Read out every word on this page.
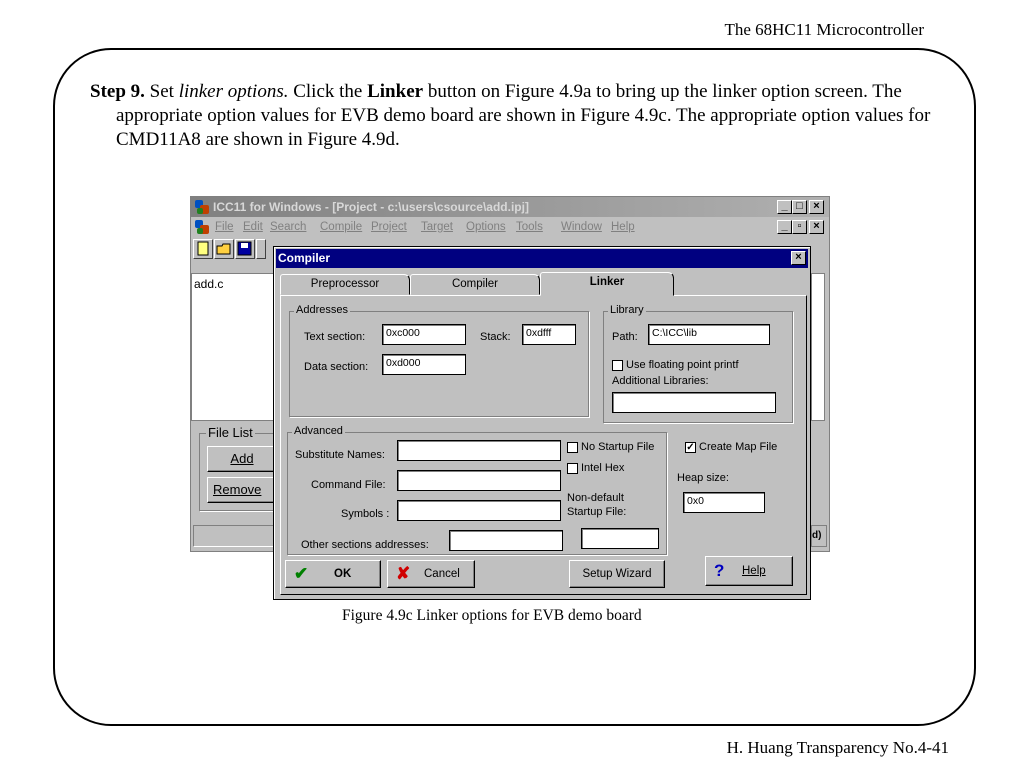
The 68HC11 Microcontroller

Step 9. Set linker options. Click the Linker button on Figure 4.9a to bring up the linker option screen. The appropriate option values for EVB demo board are shown in Figure 4.9c. The appropriate option values for CMD11A8 are shown in Figure 4.9d.

ICC11 for Windows - [Project - c:\users\csource\add.ipj]	_ □ ×
File Edit Search Compile Project Target Options Tools Window Help	_ ▫	×
add.c
File List
Add
Remove
d)
Compiler	×
Preprocessor	Compiler	Linker
Addresses
Text section:	0xc000	Stack:	0xdfff
Data section:	0xd000
Library
Path:	C:\ICC\lib
Use floating point printf
Additional Libraries:
Advanced
Substitute Names:
Command File:
Symbols :
Other sections addresses:
No Startup File
Intel Hex
Non-default
Startup File:
✓
Create Map File
Heap size:
0x0
✔ OK	✘ Cancel	Setup Wizard	? Help
Figure 4.9c Linker options for EVB demo board
H. Huang Transparency No.4-41
